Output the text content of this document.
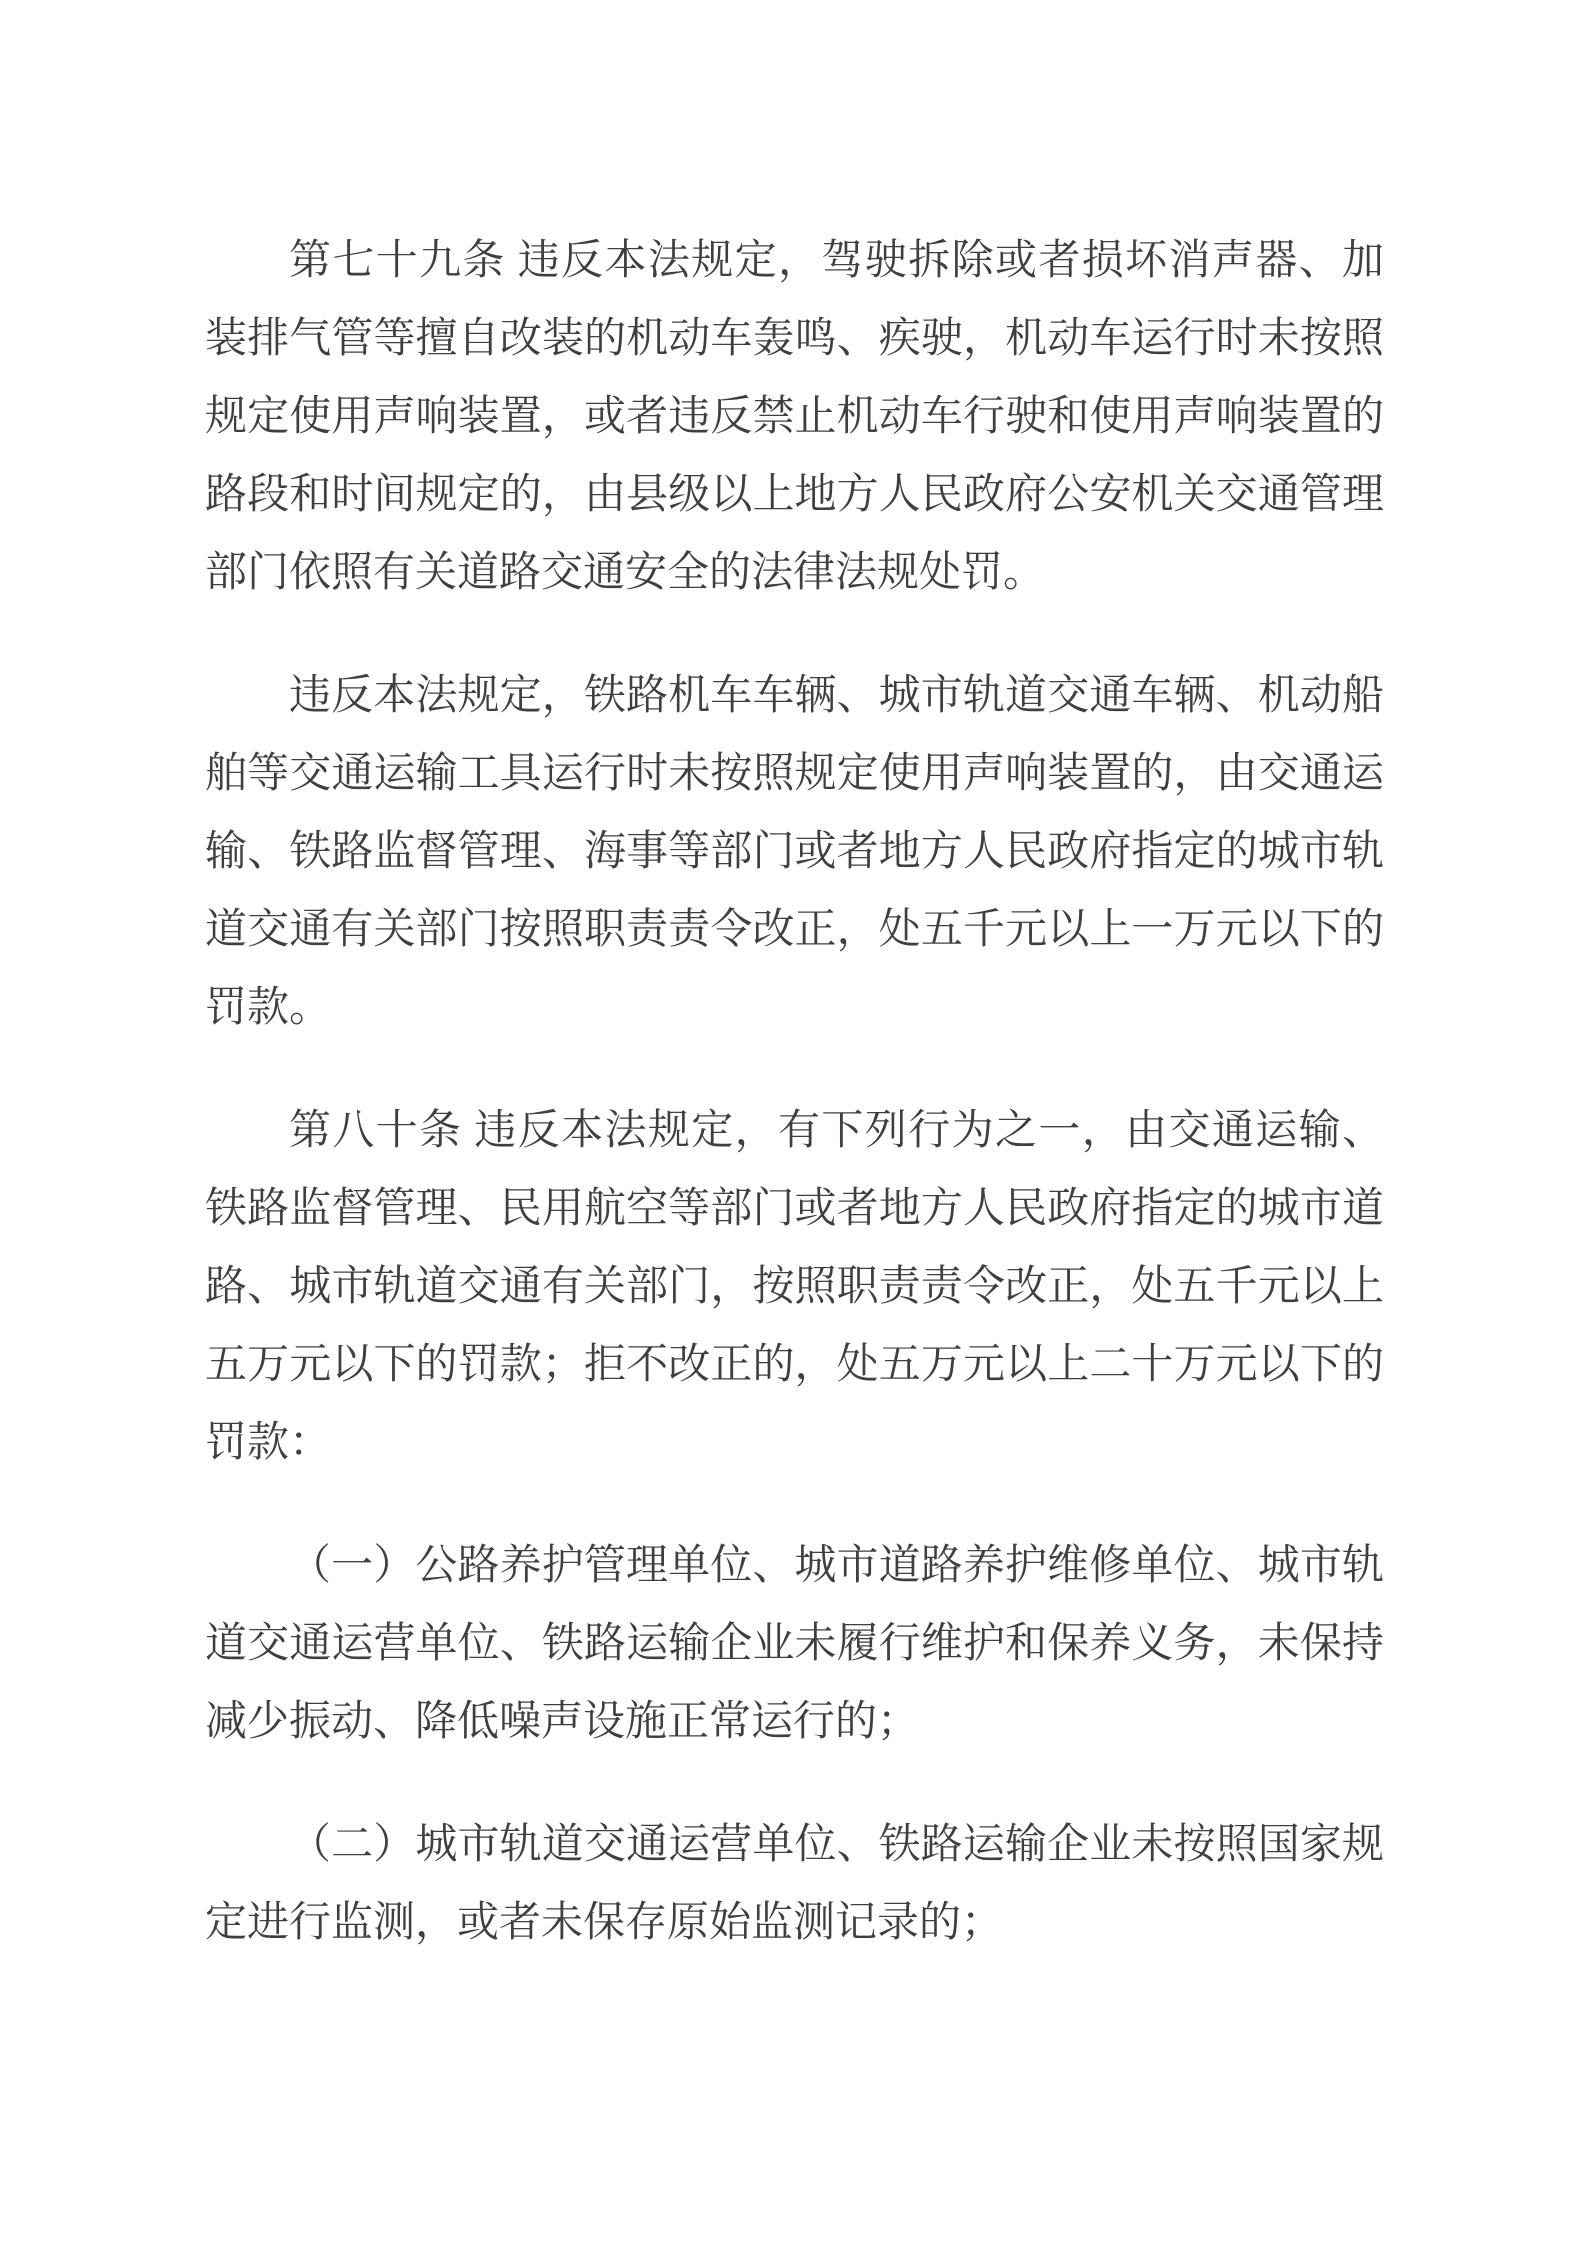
第七十九条 违反本法规定，驾驶拆除或者损坏消声器、加装排气管等擅自改装的机动车轰鸣、疾驶，机动车运行时未按照规定使用声响装置，或者违反禁止机动车行驶和使用声响装置的路段和时间规定的，由县级以上地方人民政府公安机关交通管理部门依照有关道路交通安全的法律法规处罚。

违反本法规定，铁路机车车辆、城市轨道交通车辆、机动船舶等交通运输工具运行时未按照规定使用声响装置的，由交通运输、铁路监督管理、海事等部门或者地方人民政府指定的城市轨道交通有关部门按照职责责令改正，处五千元以上一万元以下的罚款。

第八十条 违反本法规定，有下列行为之一，由交通运输、铁路监督管理、民用航空等部门或者地方人民政府指定的城市道路、城市轨道交通有关部门，按照职责责令改正，处五千元以上五万元以下的罚款；拒不改正的，处五万元以上二十万元以下的罚款：

（一）公路养护管理单位、城市道路养护维修单位、城市轨道交通运营单位、铁路运输企业未履行维护和保养义务，未保持减少振动、降低噪声设施正常运行的；

（二）城市轨道交通运营单位、铁路运输企业未按照国家规定进行监测，或者未保存原始监测记录的；
